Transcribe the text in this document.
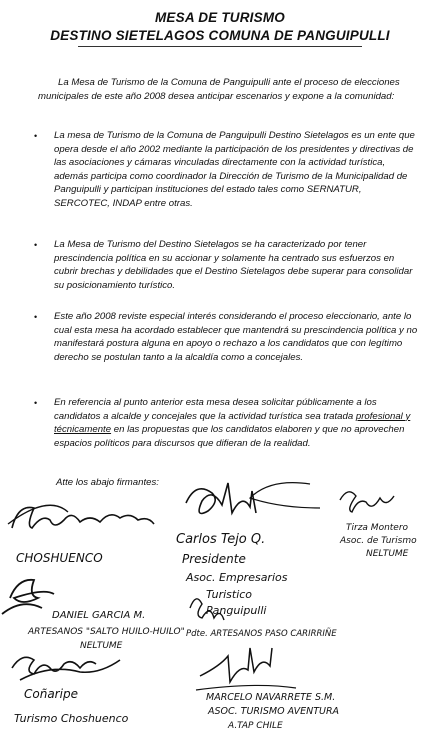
MESA DE TURISMO
DESTINO SIETELAGOS COMUNA DE PANGUIPULLI
La Mesa de Turismo de la Comuna de Panguipulli ante el proceso de elecciones municipales de este año 2008 desea anticipar escenarios y expone a la comunidad:
• La mesa de Turismo de la Comuna de Panguipulli Destino Sietelagos es un ente que opera desde el año 2002 mediante la participación de los presidentes y directivas de las asociaciones y cámaras vinculadas directamente con la actividad turística, además participa como coordinador la Dirección de Turismo de la Municipalidad de Panguipulli y participan instituciones del estado tales como SERNATUR, SERCOTEC, INDAP entre otras.
• La Mesa de Turismo del Destino Sietelagos se ha caracterizado por tener prescindencia política en su accionar y solamente ha centrado sus esfuerzos en cubrir brechas y debilidades que el Destino Sietelagos debe superar para consolidar su posicionamiento turístico.
• Este año 2008 reviste especial interés considerando el proceso eleccionario, ante lo cual esta mesa ha acordado establecer que mantendrá su prescindencia política y no manifestará postura alguna en apoyo o rechazo a los candidatos que con legítimo derecho se postulan tanto a la alcaldía como a concejales.
• En referencia al punto anterior esta mesa desea solicitar públicamente a los candidatos a alcalde y concejales que la actividad turística sea tratada profesional y técnicamente en las propuestas que los candidatos elaboren y que no aprovechen espacios políticos para discursos que difieran de la realidad.
Atte los abajo firmantes:
Carlos Tejo Q.
Presidente
Asoc. Empresarios
Turistico
Panguipulli
Tirza Montero
Asoc. de Turismo
NELTUME
CHOSHUENCO
DANIEL GARCIA M.
ARTESANOS "SALTO HUILO-HUILO"
NELTUME
Pdte. ARTESANOS PASO CARIRRIÑE
Coñaripe
Turismo Choshuenco
MARCELO NAVARRETE S.M.
ASOC. TURISMO AVENTURA
A.TAP CHILE
